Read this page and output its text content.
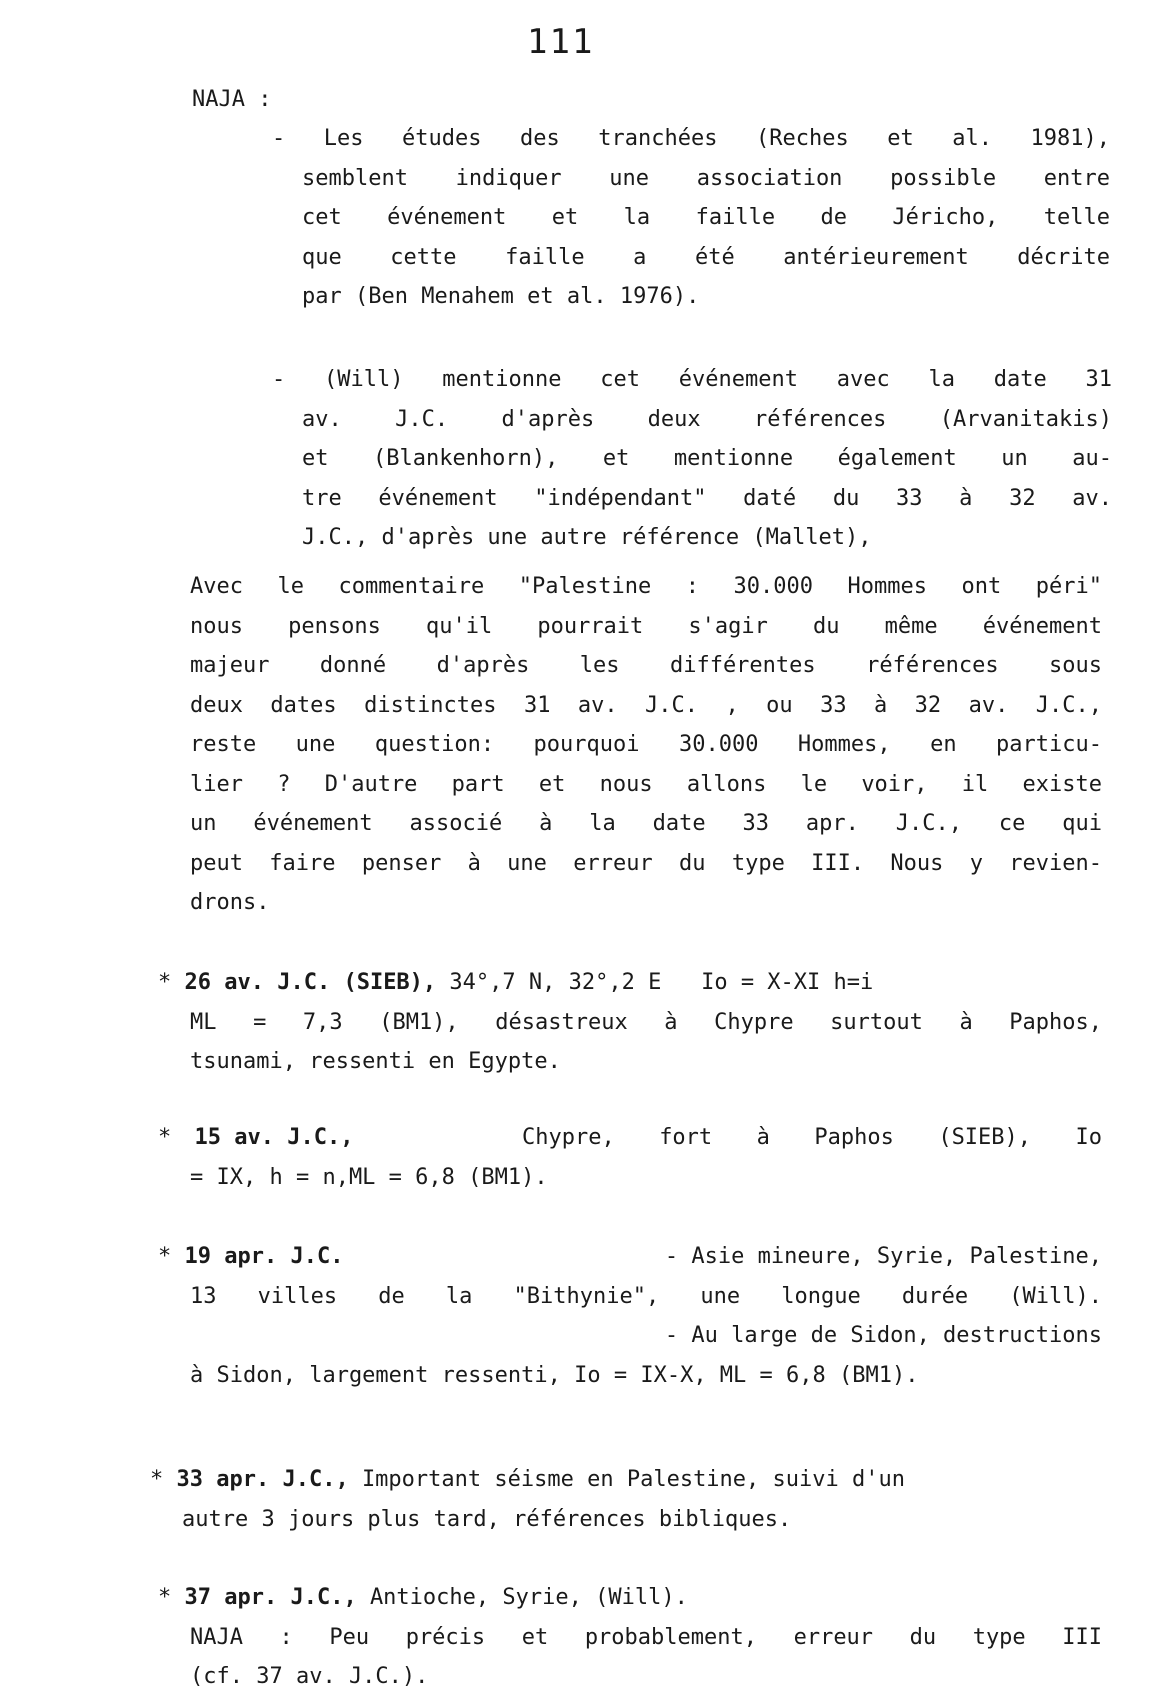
111
NAJA :
- Les études des tranchées (Reches et al. 1981),
semblent indiquer une association possible entre
cet événement et la faille de Jéricho, telle
que cette faille a été antérieurement décrite
par (Ben Menahem et al. 1976).
- (Will) mentionne cet événement avec la date 31
av. J.C. d'après deux références (Arvanitakis)
et (Blankenhorn), et mentionne également un au-
tre événement "indépendant" daté du 33 à 32 av.
J.C., d'après une autre référence (Mallet),
Avec le commentaire "Palestine : 30.000 Hommes ont péri"
nous pensons qu'il pourrait s'agir du même événement
majeur donné d'après les différentes références sous
deux dates distinctes 31 av. J.C. , ou 33 à 32 av. J.C.,
reste une question: pourquoi 30.000 Hommes, en particu-
lier ? D'autre part et nous allons le voir, il existe
un événement associé à la date 33 apr. J.C., ce qui
peut faire penser à une erreur du type III. Nous y revien-
drons.
* 26 av. J.C. (SIEB), 34°,7 N, 32°,2 E   Io = X-XI h=i
ML = 7,3 (BM1), désastreux à Chypre surtout à Paphos,
tsunami, ressenti en Egypte.
* 15 av. J.C.,	Chypre, fort à Paphos (SIEB), Io
= IX, h = n,ML = 6,8 (BM1).
* 19 apr. J.C.	- Asie mineure, Syrie, Palestine,
13 villes de la "Bithynie", une longue durée (Will).
- Au large de Sidon, destructions
à Sidon, largement ressenti, Io = IX-X, ML = 6,8 (BM1).
* 33 apr. J.C., Important séisme en Palestine, suivi d'un
autre 3 jours plus tard, références bibliques.
* 37 apr. J.C., Antioche, Syrie, (Will).
NAJA : Peu précis et probablement, erreur du type III
(cf. 37 av. J.C.).
